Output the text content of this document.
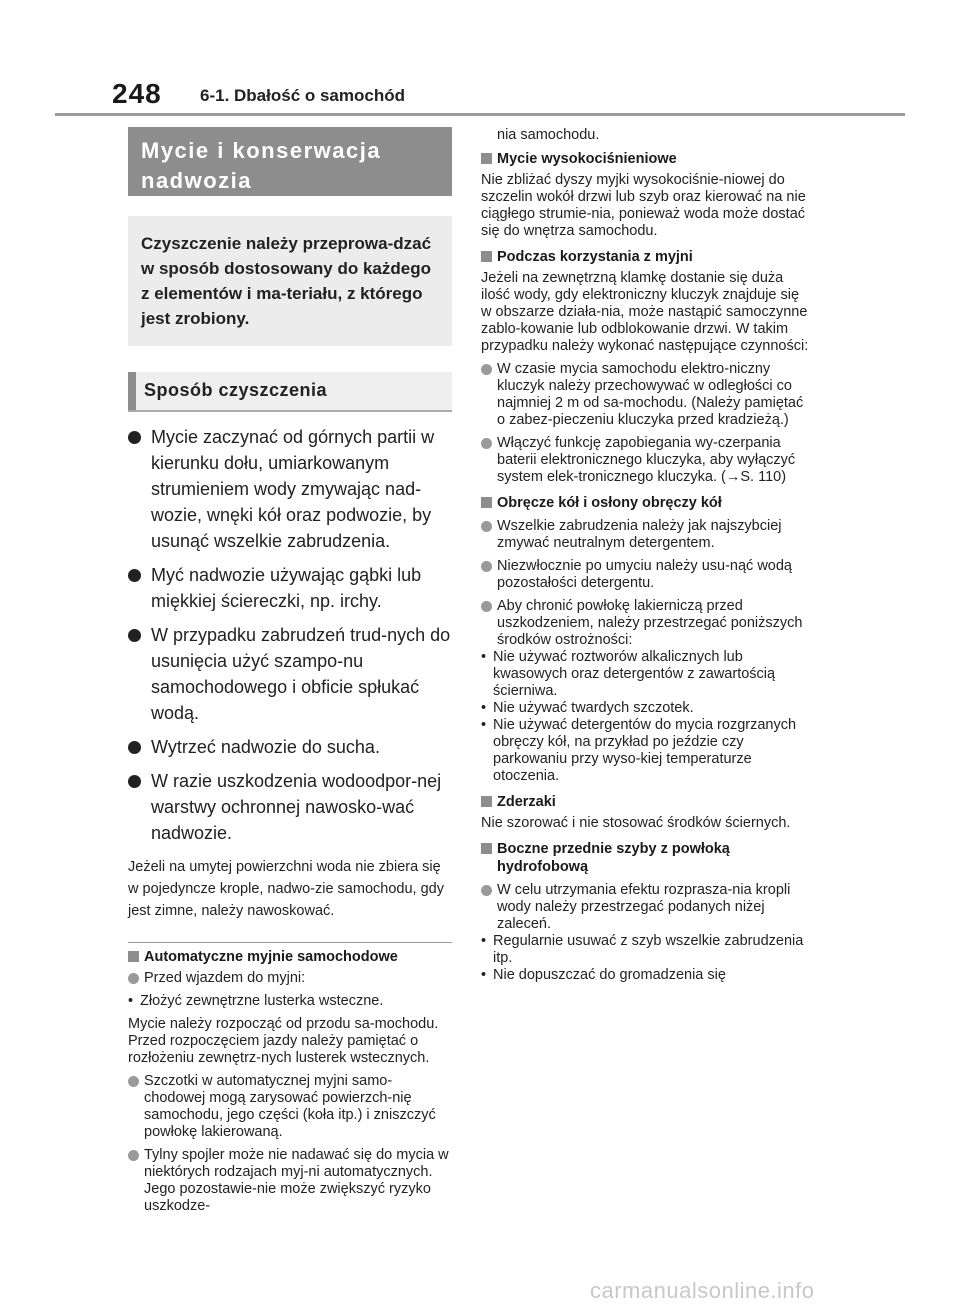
248 6-1. Dbałość o samochód
Mycie i konserwacja nadwozia
Czyszczenie należy przeprowa-dzać w sposób dostosowany do każdego z elementów i ma-teriału, z którego jest zrobiony.
Sposób czyszczenia
Mycie zaczynać od górnych partii w kierunku dołu, umiarkowanym strumieniem wody zmywając nad-wozie, wnęki kół oraz podwozie, by usunąć wszelkie zabrudzenia.
Myć nadwozie używając gąbki lub miękkiej ściereczki, np. irchy.
W przypadku zabrudzeń trud-nych do usunięcia użyć szampo-nu samochodowego i obficie spłukać wodą.
Wytrzeć nadwozie do sucha.
W razie uszkodzenia wodoodpor-nej warstwy ochronnej nawosko-wać nadwozie.
Jeżeli na umytej powierzchni woda nie zbiera się w pojedyncze krople, nadwo-zie samochodu, gdy jest zimne, należy nawoskować.
Automatyczne myjnie samochodowe
Przed wjazdem do myjni:
• Złożyć zewnętrzne lusterka wsteczne.
Mycie należy rozpocząć od przodu sa-mochodu. Przed rozpoczęciem jazdy należy pamiętać o rozłożeniu zewnętrz-nych lusterek wstecznych.
Szczotki w automatycznej myjni samo-chodowej mogą zarysować powierzch-nię samochodu, jego części (koła itp.) i zniszczyć powłokę lakierowaną.
Tylny spojler może nie nadawać się do mycia w niektórych rodzajach myj-ni automatycznych. Jego pozostawie-nie może zwiększyć ryzyko uszkodze-
nia samochodu.
Mycie wysokociśnieniowe
Nie zbliżać dyszy myjki wysokociśnie-niowej do szczelin wokół drzwi lub szyb oraz kierować na nie ciągłego strumie-nia, ponieważ woda może dostać się do wnętrza samochodu.
Podczas korzystania z myjni
Jeżeli na zewnętrzną klamkę dostanie się duża ilość wody, gdy elektroniczny kluczyk znajduje się w obszarze działa-nia, może nastąpić samoczynne zablo-kowanie lub odblokowanie drzwi. W takim przypadku należy wykonać następujące czynności:
W czasie mycia samochodu elektro-niczny kluczyk należy przechowywać w odległości co najmniej 2 m od sa-mochodu. (Należy pamiętać o zabez-pieczeniu kluczyka przed kradzieżą.)
Włączyć funkcję zapobiegania wy-czerpania baterii elektronicznego kluczyka, aby wyłączyć system elek-tronicznego kluczyka. (→S. 110)
Obręcze kół i osłony obręczy kół
Wszelkie zabrudzenia należy jak najszybciej zmywać neutralnym detergentem.
Niezwłocznie po umyciu należy usu-nąć wodą pozostałości detergentu.
Aby chronić powłokę lakierniczą przed uszkodzeniem, należy przestrzegać poniższych środków ostrożności:
• Nie używać roztworów alkalicznych lub kwasowych oraz detergentów z zawartością ścierniwa.
• Nie używać twardych szczotek.
• Nie używać detergentów do mycia rozgrzanych obręczy kół, na przykład po jeździe czy parkowaniu przy wyso-kiej temperaturze otoczenia.
Zderzaki
Nie szorować i nie stosować środków ściernych.
Boczne przednie szyby z powłoką hydrofobową
W celu utrzymania efektu rozprasza-nia kropli wody należy przestrzegać podanych niżej zaleceń.
• Regularnie usuwać z szyb wszelkie zabrudzenia itp.
• Nie dopuszczać do gromadzenia się
carmanualsonline.info
